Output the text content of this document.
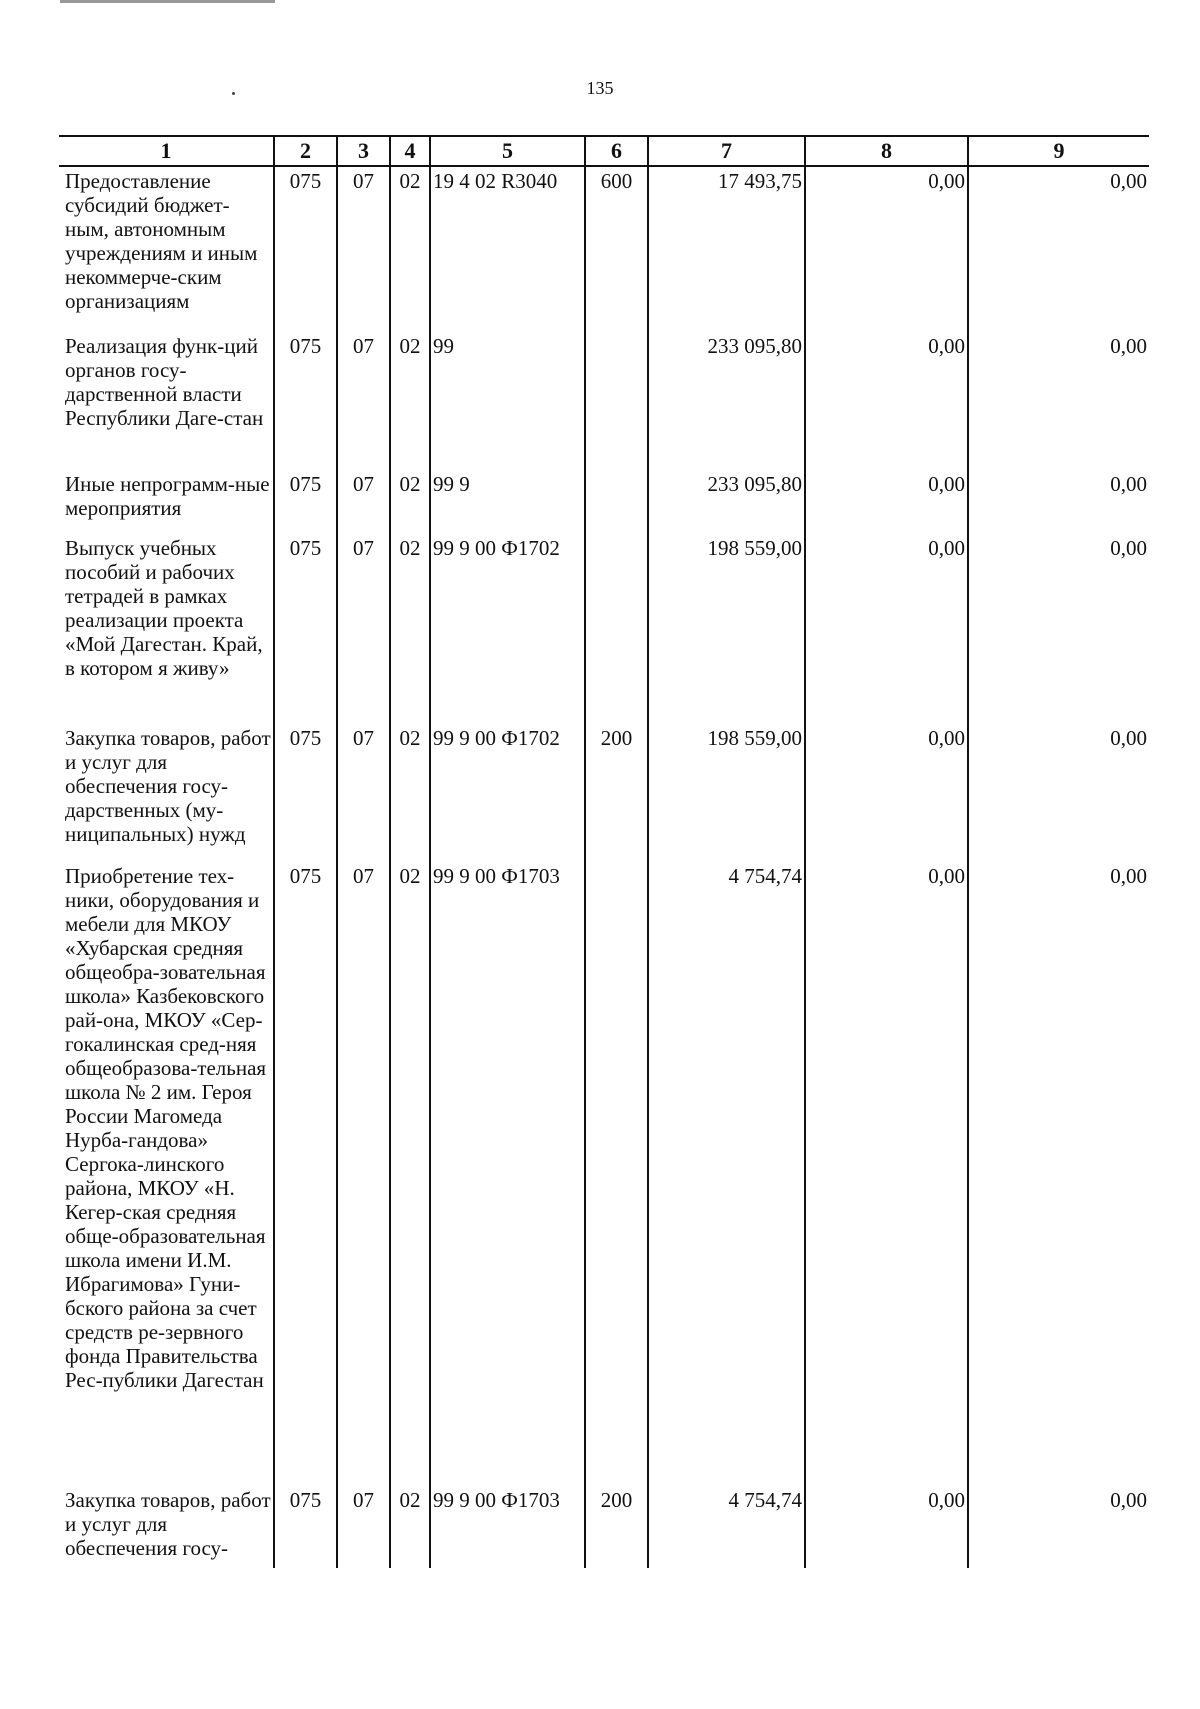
135
1	2	3	4	5	6	7	8	9
Предоставление субсидий бюджет-ным, автономным учреждениям и иным некоммерче-ским организациям	075	07	02	19 4 02 R3040	600	17 493,75	0,00	0,00
Реализация функ-ций органов госу-дарственной власти Республики Даге-стан	075	07	02	99		233 095,80	0,00	0,00
Иные непрограмм-ные мероприятия	075	07	02	99 9		233 095,80	0,00	0,00
Выпуск учебных пособий и рабочих тетрадей в рамках реализации проекта «Мой Дагестан. Край, в котором я живу»	075	07	02	99 9 00 Ф1702		198 559,00	0,00	0,00
Закупка товаров, работ и услуг для обеспечения госу-дарственных (му-ниципальных) нужд	075	07	02	99 9 00 Ф1702	200	198 559,00	0,00	0,00
Приобретение тех-ники, оборудования и мебели для МКОУ «Хубарская средняя общеобра-зовательная школа» Казбековского рай-она, МКОУ «Сер-гокалинская сред-няя общеобразова-тельная школа № 2 им. Героя России Магомеда Нурба-гандова» Сергока-линского района, МКОУ «Н. Кегер-ская средняя обще-образовательная школа имени И.М. Ибрагимова» Гуни-бского района за счет средств ре-зервного фонда Правительства Рес-публики Дагестан	075	07	02	99 9 00 Ф1703		4 754,74	0,00	0,00
Закупка товаров, работ и услуг для обеспечения госу-	075	07	02	99 9 00 Ф1703	200	4 754,74	0,00	0,00
